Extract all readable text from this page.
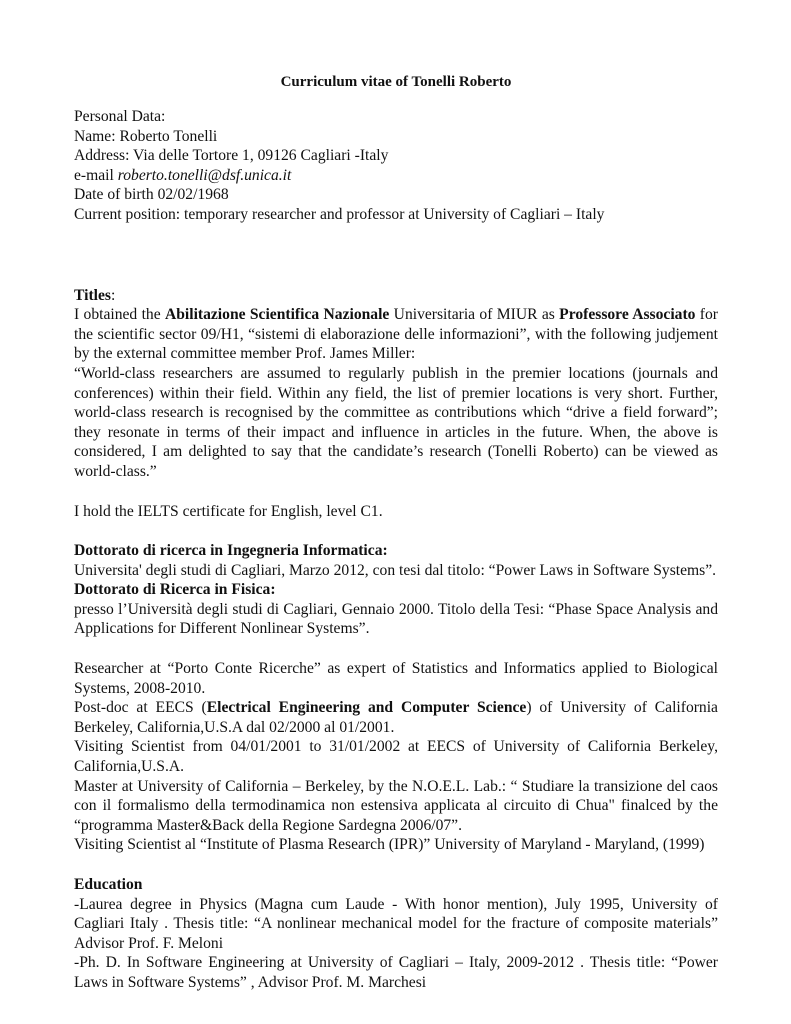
Curriculum vitae of Tonelli Roberto

Personal Data:

Name: Roberto Tonelli

Address: Via delle Tortore 1, 09126 Cagliari -Italy

e-mail roberto.tonelli@dsf.unica.it

Date of birth 02/02/1968

Current position: temporary researcher and professor at University of Cagliari – Italy

Titles:

I obtained the Abilitazione Scientifica Nazionale Universitaria of MIUR as Professore Associato for the scientific sector 09/H1, “sistemi di elaborazione delle informazioni”, with the following judjement by the external committee member Prof. James Miller:

“World-class researchers are assumed to regularly publish in the premier locations (journals and conferences) within their field. Within any field, the list of premier locations is very short. Further, world-class research is recognised by the committee as contributions which “drive a field forward”; they resonate in terms of their impact and influence in articles in the future. When, the above is considered, I am delighted to say that the candidate’s research (Tonelli Roberto) can be viewed as world-class.”

I hold the IELTS certificate for English, level C1.

Dottorato di ricerca in Ingegneria Informatica:

Universita' degli studi di Cagliari, Marzo 2012, con tesi dal titolo: “Power Laws in Software Systems”.

Dottorato di Ricerca in Fisica:

presso l’Università degli studi di Cagliari, Gennaio 2000. Titolo della Tesi: “Phase Space Analysis and Applications for Different Nonlinear Systems”.

Researcher at “Porto Conte Ricerche” as expert of Statistics and Informatics applied to Biological Systems, 2008-2010.

Post-doc at EECS (Electrical Engineering and Computer Science) of University of California Berkeley, California,U.S.A dal 02/2000 al 01/2001.

Visiting Scientist from 04/01/2001 to 31/01/2002 at EECS of University of California Berkeley, California,U.S.A.

Master at University of California – Berkeley, by the N.O.E.L. Lab.: “ Studiare la transizione del caos con il formalismo della termodinamica non estensiva applicata al circuito di Chua" finalced by the “programma Master&Back della Regione Sardegna 2006/07”.

Visiting Scientist al “Institute of Plasma Research (IPR)” University of Maryland - Maryland, (1999)

Education

-Laurea degree in Physics (Magna cum Laude - With honor mention), July 1995, University of Cagliari Italy . Thesis title: “A nonlinear mechanical model for the fracture of composite materials” Advisor Prof. F. Meloni

-Ph. D. In Software Engineering at University of Cagliari – Italy, 2009-2012 . Thesis title: “Power Laws in Software Systems” , Advisor Prof. M. Marchesi
